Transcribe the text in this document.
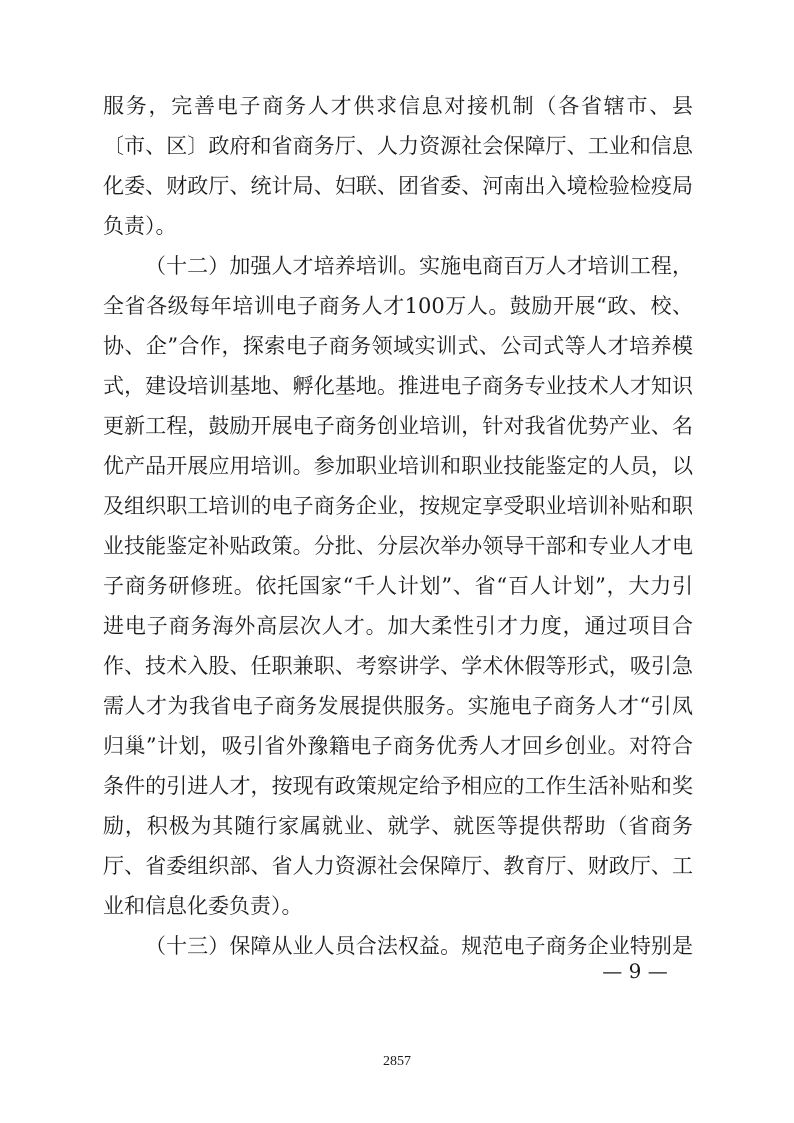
服务，完善电子商务人才供求信息对接机制（各省辖市、县
〔市、区〕政府和省商务厅、人力资源社会保障厅、工业和信息
化委、财政厅、统计局、妇联、团省委、河南出入境检验检疫局
负责）。
（十二）加强人才培养培训。实施电商百万人才培训工程，
全省各级每年培训电子商务人才100万人。鼓励开展“政、校、
协、企”合作，探索电子商务领域实训式、公司式等人才培养模
式，建设培训基地、孵化基地。推进电子商务专业技术人才知识
更新工程，鼓励开展电子商务创业培训，针对我省优势产业、名
优产品开展应用培训。参加职业培训和职业技能鉴定的人员，以
及组织职工培训的电子商务企业，按规定享受职业培训补贴和职
业技能鉴定补贴政策。分批、分层次举办领导干部和专业人才电
子商务研修班。依托国家“千人计划”、省“百人计划”，大力引
进电子商务海外高层次人才。加大柔性引才力度，通过项目合
作、技术入股、任职兼职、考察讲学、学术休假等形式，吸引急
需人才为我省电子商务发展提供服务。实施电子商务人才“引凤
归巢”计划，吸引省外豫籍电子商务优秀人才回乡创业。对符合
条件的引进人才，按现有政策规定给予相应的工作生活补贴和奖
励，积极为其随行家属就业、就学、就医等提供帮助（省商务
厅、省委组织部、省人力资源社会保障厅、教育厅、财政厅、工
业和信息化委负责）。
（十三）保障从业人员合法权益。规范电子商务企业特别是
— 9 —
2857
